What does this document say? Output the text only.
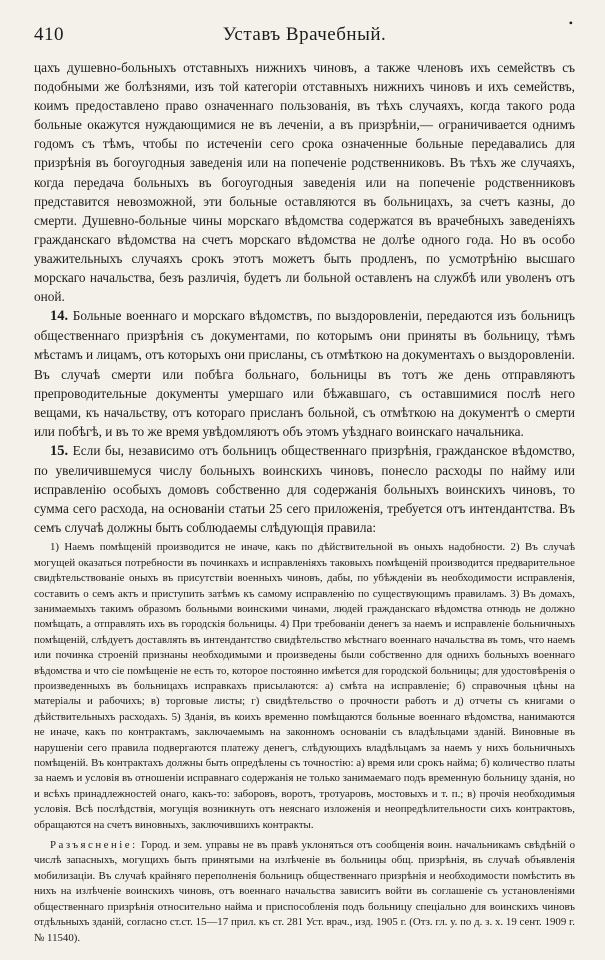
410	Уставъ Врачебный.
•

цахъ душевно-больныхъ отставныхъ нижнихъ чиновъ, а также членовъ ихъ семействъ съ подобными же болѣзнями, изъ той категоріи отставныхъ нижнихъ чиновъ и ихъ семействъ, коимъ предоставлено право означеннаго пользованія, въ тѣхъ случаяхъ, когда такого рода больные окажутся нуждающимися не въ леченіи, а въ призрѣніи,— ограничивается однимъ годомъ съ тѣмъ, чтобы по истеченіи сего срока означенные больные передавались для призрѣнія въ богоугодныя заведенія или на попеченіе родственниковъ. Въ тѣхъ же случаяхъ, когда передача больныхъ въ богоугодныя заведенія или на попеченіе родственниковъ представится невозможной, эти больные оставляются въ больницахъ, за счетъ казны, до смерти. Душевно-больные чины морскаго вѣдомства содержатся въ врачебныхъ заведеніяхъ гражданскаго вѣдомства на счетъ морскаго вѣдомства не долѣе одного года. Но въ особо уважительныхъ случаяхъ срокъ этотъ можетъ быть продленъ, по усмотрѣнію высшаго морскаго начальства, безъ различія, будетъ ли больной оставленъ на службѣ или уволенъ отъ оной.

14. Больные военнаго и морскаго вѣдомствъ, по выздоровленіи, передаются изъ больницъ общественнаго призрѣнія съ документами, по которымъ они приняты въ больницу, тѣмъ мѣстамъ и лицамъ, отъ которыхъ они присланы, съ отмѣткою на документахъ о выздоровленіи. Въ случаѣ смерти или побѣга больнаго, больницы въ тотъ же день отправляютъ препроводительные документы умершаго или бѣжавшаго, съ оставшимися послѣ него вещами, къ начальству, отъ котораго присланъ больной, съ отмѣткою на документѣ о смерти или побѣгѣ, и въ то же время увѣдомляютъ объ этомъ уѣзднаго воинскаго начальника.

15. Если бы, независимо отъ больницъ общественнаго призрѣнія, гражданское вѣдомство, по увеличившемуся числу больныхъ воинскихъ чиновъ, понесло расходы по найму или исправленію особыхъ домовъ собственно для содержанія больныхъ воинскихъ чиновъ, то сумма сего расхода, на основаніи статьи 25 сего приложенія, требуется отъ интендантства. Въ семъ случаѣ должны быть соблюдаемы слѣдующія правила:

1) Наемъ помѣщеній производится не иначе, какъ по дѣйствительной въ оныхъ надобности. 2) Въ случаѣ могущей оказаться потребности въ починкахъ и исправленіяхъ таковыхъ помѣщеній производится предварительное свидѣтельствованіе оныхъ въ присутствіи военныхъ чиновъ, дабы, по убѣжденіи въ необходимости исправленія, составить о семъ актъ и приступить затѣмъ къ самому исправленію по существующимъ правиламъ. 3) Въ домахъ, занимаемыхъ такимъ образомъ больными воинскими чинами, людей гражданскаго вѣдомства отнюдь не должно помѣщать, а отправлять ихъ въ городскія больницы. 4) При требованіи денегъ за наемъ и исправленіе больничныхъ помѣщеній, слѣдуетъ доставлять въ интендантство свидѣтельство мѣстнаго военнаго начальства въ томъ, что наемъ или починка строеній признаны необходимыми и произведены были собственно для однихъ больныхъ военнаго вѣдомства и что сіе помѣщеніе не есть то, которое постоянно имѣется для городской больницы; для удостовѣренія о произведенныхъ въ больницахъ исправкахъ присылаются: а) смѣта на исправленіе; б) справочныя цѣны на матеріалы и рабочихъ; в) торговые листы; г) свидѣтельство о прочности работъ и д) отчеты съ книгами о дѣйствительныхъ расходахъ. 5) Зданія, въ коихъ временно помѣщаются больные военнаго вѣдомства, нанимаются не иначе, какъ по контрактамъ, заключаемымъ на законномъ основаніи съ владѣльцами зданій. Виновные въ нарушеніи сего правила подвергаются платежу денегъ, слѣдующихъ владѣльцамъ за наемъ у нихъ больничныхъ помѣщеній. Въ контрактахъ должны быть опредѣлены съ точностію: а) время или срокъ найма; б) количество платы за наемъ и условія въ отношеніи исправнаго содержанія не только занимаемаго подъ временную больницу зданія, но и всѣхъ принадлежностей онаго, какъ-то: заборовъ, воротъ, тротуаровъ, мостовыхъ и т. п.; в) прочія необходимыя условія. Всѣ послѣдствія, могущія возникнуть отъ неяснаго изложенія и неопредѣлительности сихъ контрактовъ, обращаются на счетъ виновныхъ, заключившихъ контракты.

Разъясненіе: Город. и зем. управы не въ правѣ уклоняться отъ сообщенія воин. начальникамъ свѣдѣній о числѣ запасныхъ, могущихъ быть принятыми на излѣченіе въ больницы общ. призрѣнія, въ случаѣ объявленія мобилизаціи. Въ случаѣ крайняго переполненія больницъ общественнаго призрѣнія и необходимости помѣстить въ нихъ на излѣченіе воинскихъ чиновъ, отъ военнаго начальства зависитъ войти въ соглашеніе съ установленіями общественнаго призрѣнія относительно найма и приспособленія подъ больницу спеціально для воинскихъ чиновъ отдѣльныхъ зданій, согласно ст.ст. 15—17 прил. къ ст. 281 Уст. врач., изд. 1905 г. (Отз. гл. у. по д. з. х. 19 сент. 1909 г. № 11540).
